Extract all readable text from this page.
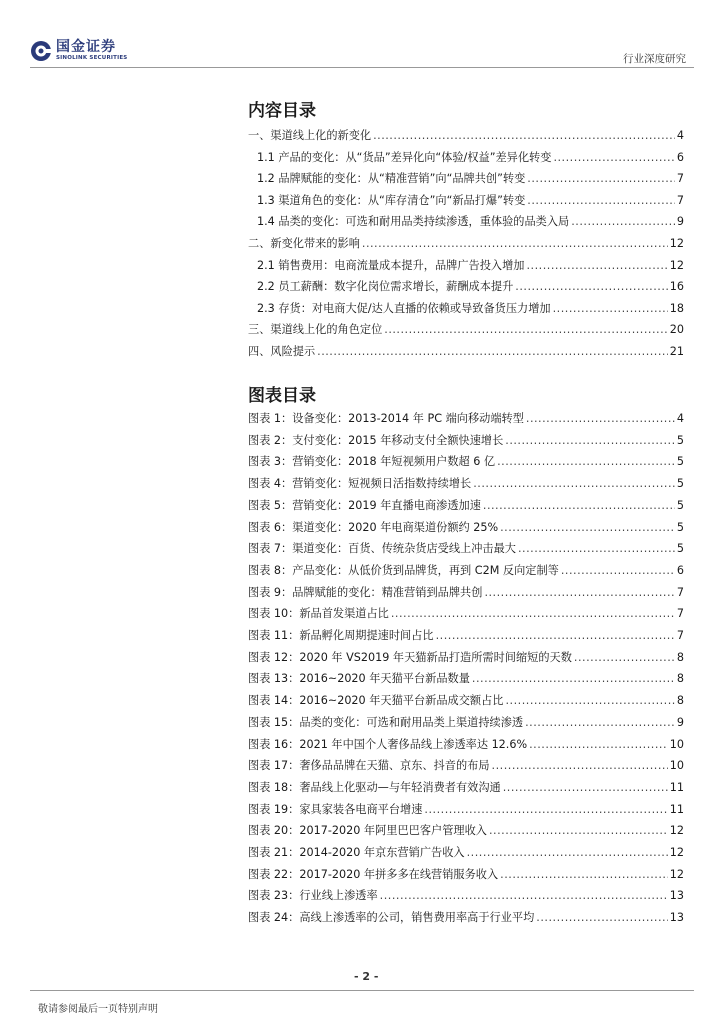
国金证券
SINOLINK SECURITIES	行业深度研究
内容目录
一、渠道线上化的新变化 .....	4
1.1 产品的变化：从“货品”差异化向“体验/权益”差异化转变 .....	6
1.2 品牌赋能的变化：从“精准营销”向“品牌共创”转变 .....	7
1.3 渠道角色的变化：从“库存清仓”向“新品打爆”转变 .....	7
1.4 品类的变化：可选和耐用品类持续渗透，重体验的品类入局 .....	9
二、新变化带来的影响 .....	12
2.1 销售费用：电商流量成本提升，品牌广告投入增加 .....	12
2.2 员工薪酬：数字化岗位需求增长，薪酬成本提升 .....	16
2.3 存货：对电商大促/达人直播的依赖或导致备货压力增加 .....	18
三、渠道线上化的角色定位 .....	20
四、风险提示 .....	21
图表目录
图表 1：设备变化：2013-2014 年 PC 端向移动端转型 .....	4
图表 2：支付变化：2015 年移动支付全额快速增长 .....	5
图表 3：营销变化：2018 年短视频用户数超 6 亿 .....	5
图表 4：营销变化：短视频日活指数持续增长 .....	5
图表 5：营销变化：2019 年直播电商渗透加速 .....	5
图表 6：渠道变化：2020 年电商渠道份额约 25% .....	5
图表 7：渠道变化：百货、传统杂货店受线上冲击最大 .....	5
图表 8：产品变化：从低价货到品牌货，再到 C2M 反向定制等 .....	6
图表 9：品牌赋能的变化：精准营销到品牌共创 .....	7
图表 10：新品首发渠道占比 .....	7
图表 11：新品孵化周期提速时间占比 .....	7
图表 12：2020 年 VS2019 年天猫新品打造所需时间缩短的天数 .....	8
图表 13：2016~2020 年天猫平台新品数量 .....	8
图表 14：2016~2020 年天猫平台新品成交额占比 .....	8
图表 15：品类的变化：可选和耐用品类上渠道持续渗透 .....	9
图表 16：2021 年中国个人奢侈品线上渗透率达 12.6% .....	10
图表 17：奢侈品品牌在天猫、京东、抖音的布局 .....	10
图表 18：奢品线上化驱动—与年轻消费者有效沟通 .....	11
图表 19：家具家装各电商平台增速 .....	11
图表 20：2017-2020 年阿里巴巴客户管理收入 .....	12
图表 21：2014-2020 年京东营销广告收入 .....	12
图表 22：2017-2020 年拼多多在线营销服务收入 .....	12
图表 23：行业线上渗透率 .....	13
图表 24：高线上渗透率的公司，销售费用率高于行业平均 .....	13
- 2 -
敬请参阅最后一页特别声明
